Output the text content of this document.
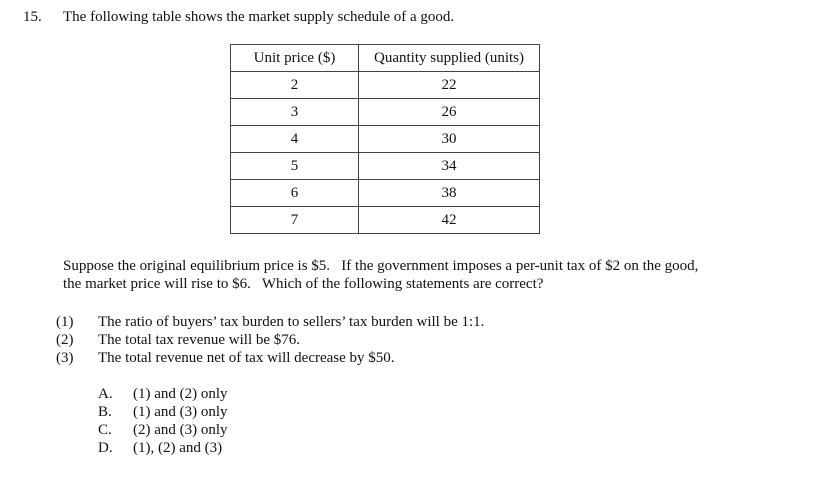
15. The following table shows the market supply schedule of a good.
Unit price ($)	Quantity supplied (units)
2	22
3	26
4	30
5	34
6	38
7	42
Suppose the original equilibrium price is $5.   If the government imposes a per-unit tax of $2 on the good,
the market price will rise to $6.   Which of the following statements are correct?
(1) The ratio of buyers’ tax burden to sellers’ tax burden will be 1:1.
(2) The total tax revenue will be $76.
(3) The total revenue net of tax will decrease by $50.
A. (1) and (2) only
B. (1) and (3) only
C. (2) and (3) only
D. (1), (2) and (3)
